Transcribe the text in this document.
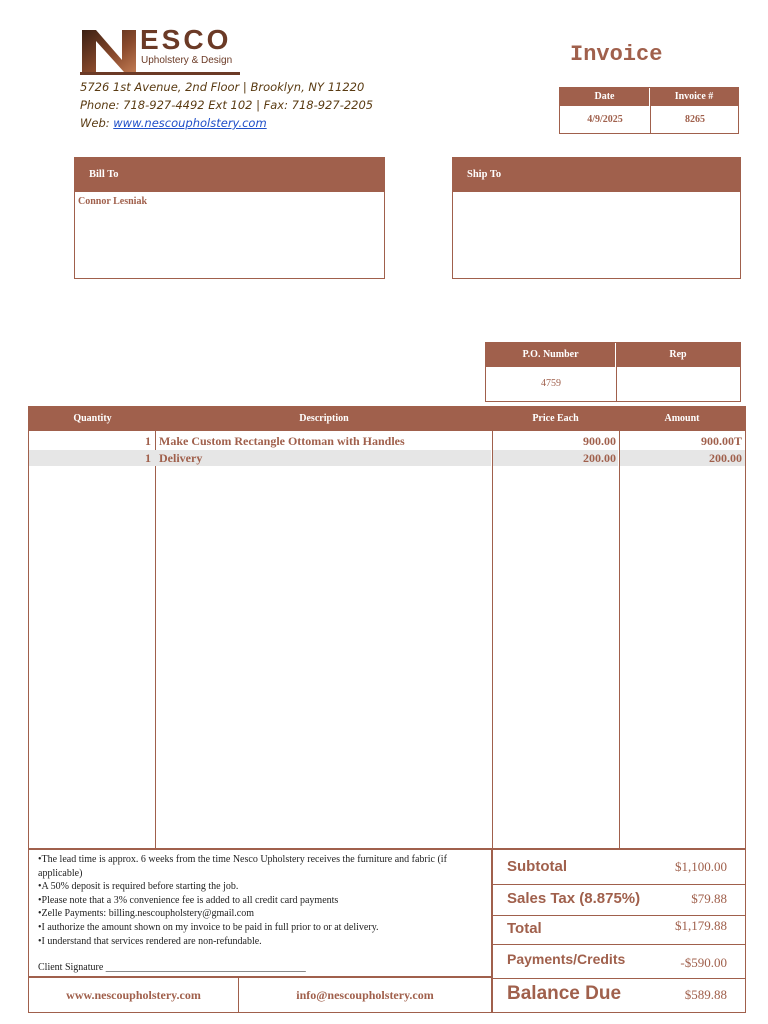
ESCO
Upholstery & Design
5726 1st Avenue, 2nd Floor | Brooklyn, NY 11220
Phone: 718-927-4492 Ext 102 | Fax: 718-927-2205
Web: www.nescoupholstery.com
Invoice
Date	Invoice #
4/9/2025	8265
Bill To
Connor Lesniak
Ship To
P.O. Number	Rep
4759
Quantity	Description	Price Each	Amount
1 Make Custom Rectangle Ottoman with Handles	900.00	900.00T
1 Delivery	200.00	200.00
•The lead time is approx. 6 weeks from the time Nesco Upholstery receives the furniture and fabric (if applicable)
•A 50% deposit is required before starting the job.
•Please note that a 3% convenience fee is added to all credit card payments
•Zelle Payments: billing.nescoupholstery@gmail.com
•I authorize the amount shown on my invoice to be paid in full prior to or at delivery.
•I understand that services rendered are non-refundable.
Client Signature ________________________________________
Subtotal	$1,100.00
Sales Tax (8.875%)	$79.88
Total	$1,179.88
Payments/Credits	-$590.00
Balance Due	$589.88
www.nescoupholstery.com	info@nescoupholstery.com
